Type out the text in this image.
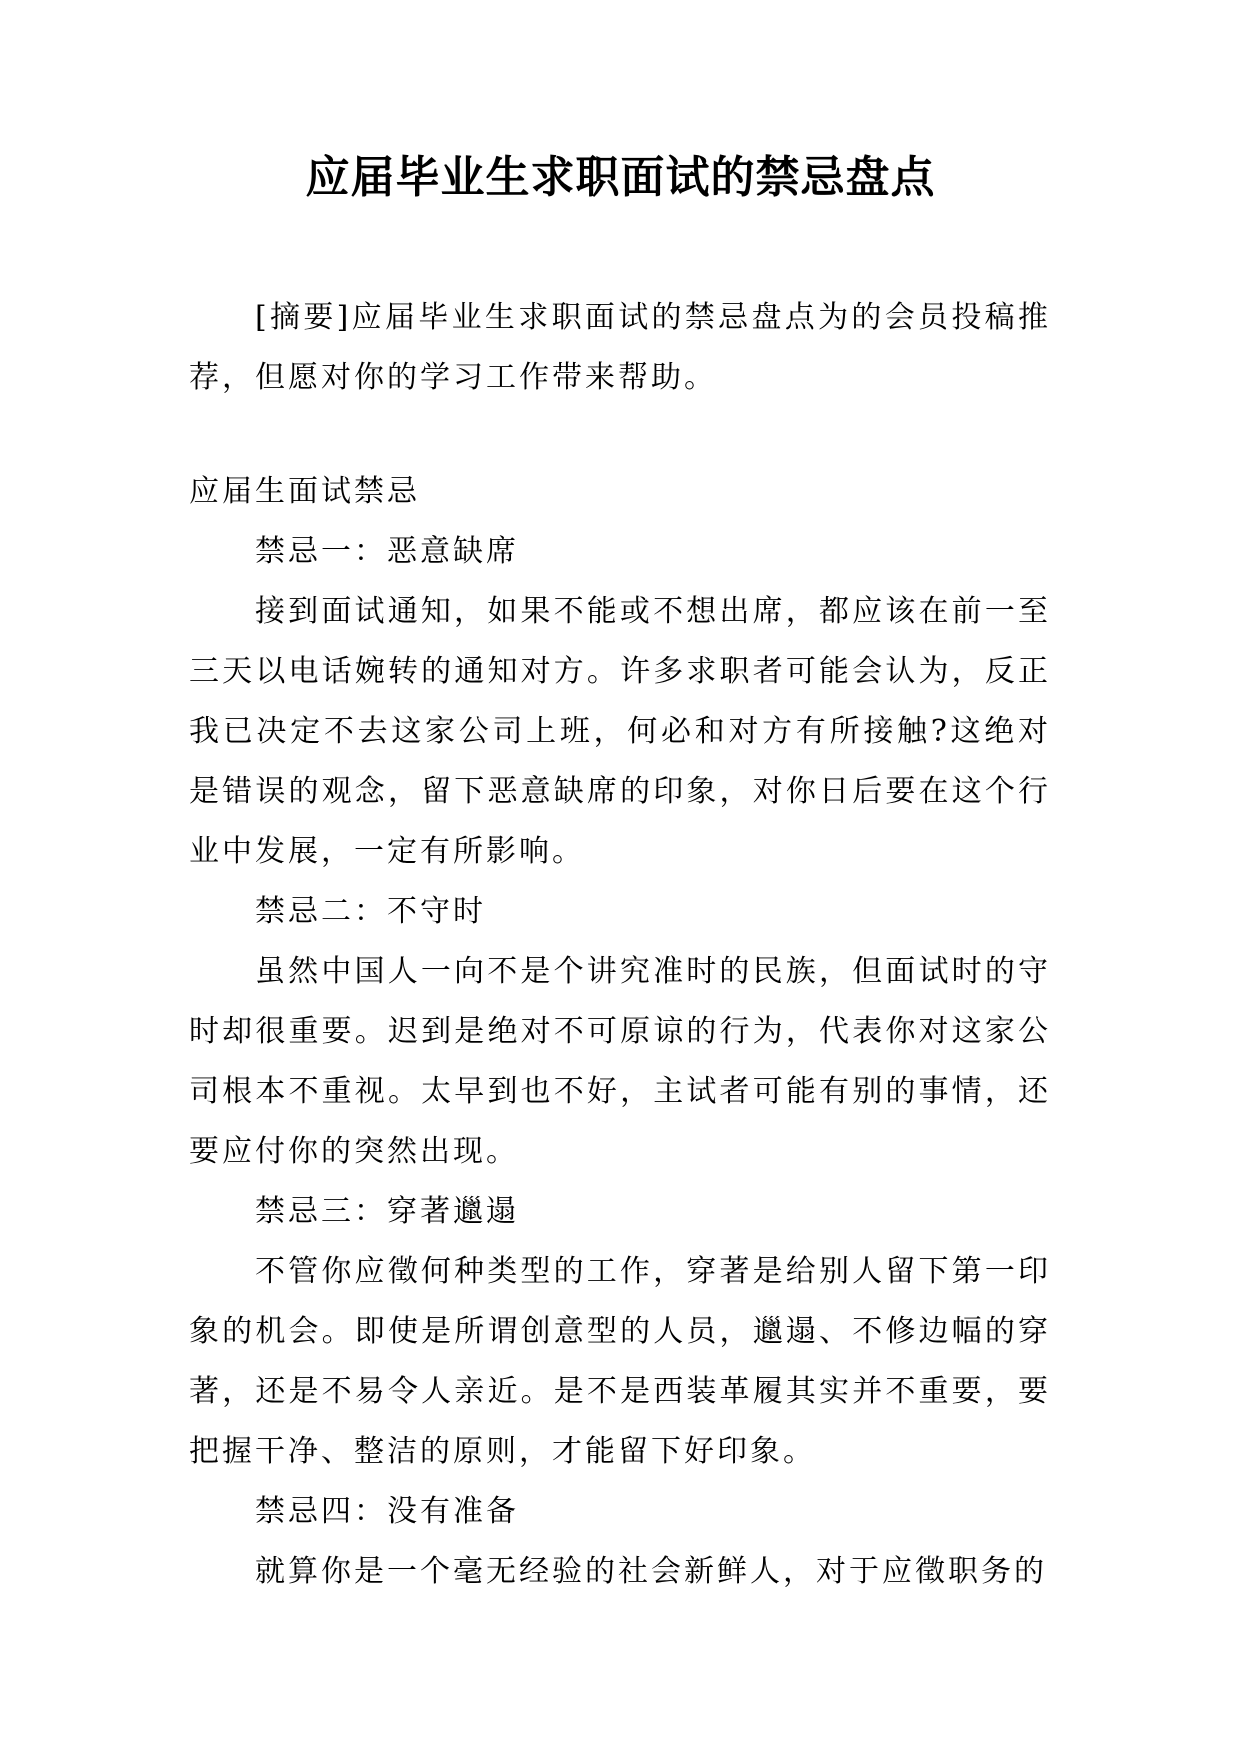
应届毕业生求职面试的禁忌盘点

[摘要]应届毕业生求职面试的禁忌盘点为的会员投稿推荐，但愿对你的学习工作带来帮助。

应届生面试禁忌

禁忌一：恶意缺席

接到面试通知，如果不能或不想出席，都应该在前一至三天以电话婉转的通知对方。许多求职者可能会认为，反正我已决定不去这家公司上班，何必和对方有所接触?这绝对是错误的观念，留下恶意缺席的印象，对你日后要在这个行业中发展，一定有所影响。

禁忌二：不守时

虽然中国人一向不是个讲究准时的民族，但面试时的守时却很重要。迟到是绝对不可原谅的行为，代表你对这家公司根本不重视。太早到也不好，主试者可能有别的事情，还要应付你的突然出现。

禁忌三：穿著邋遢

不管你应徵何种类型的工作，穿著是给别人留下第一印象的机会。即使是所谓创意型的人员，邋遢、不修边幅的穿著，还是不易令人亲近。是不是西装革履其实并不重要，要把握干净、整洁的原则，才能留下好印象。

禁忌四：没有准备

就算你是一个毫无经验的社会新鲜人，对于应徵职务的
